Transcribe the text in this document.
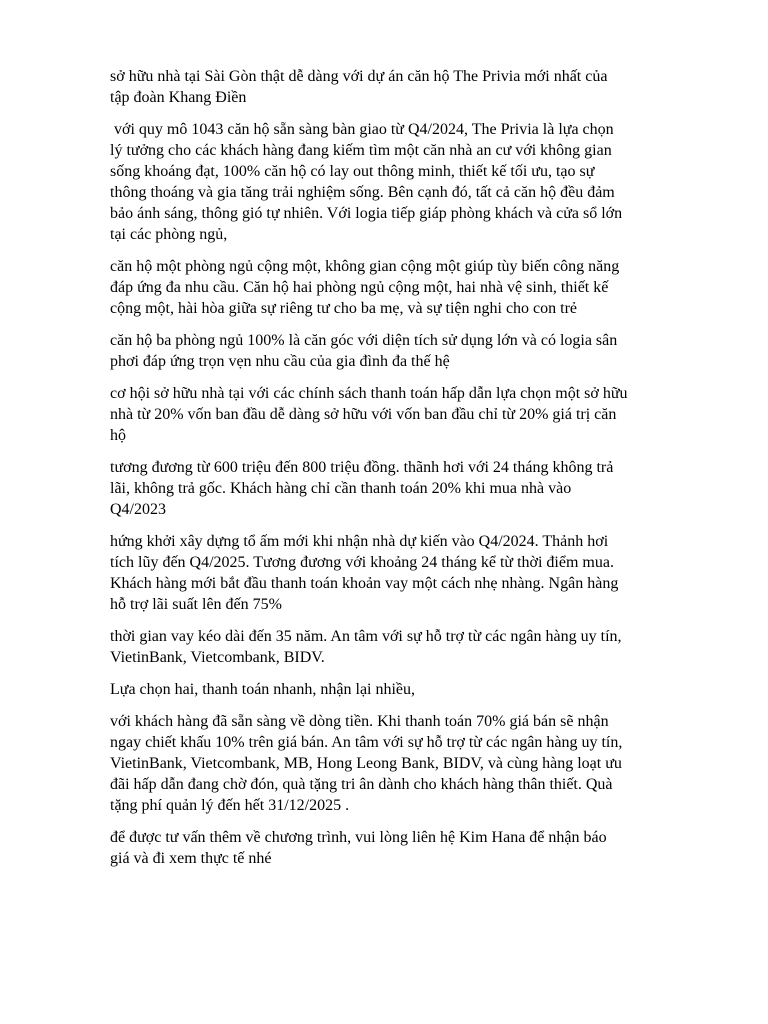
sở hữu nhà tại Sài Gòn thật dễ dàng với dự án căn hộ The Privia mới nhất của
tập đoàn Khang Điền

với quy mô 1043 căn hộ sẵn sàng bàn giao từ Q4/2024, The Privia là lựa chọn
lý tưởng cho các khách hàng đang kiếm tìm một căn nhà an cư với không gian
sống khoáng đạt, 100% căn hộ có lay out thông minh, thiết kế tối ưu, tạo sự
thông thoáng và gia tăng trải nghiệm sống. Bên cạnh đó, tất cả căn hộ đều đảm
bảo ánh sáng, thông gió tự nhiên. Với logia tiếp giáp phòng khách và cửa sổ lớn
tại các phòng ngủ,

căn hộ một phòng ngủ cộng một, không gian cộng một giúp tùy biến công năng
đáp ứng đa nhu cầu. Căn hộ hai phòng ngủ cộng một, hai nhà vệ sinh, thiết kế
cộng một, hài hòa giữa sự riêng tư cho ba mẹ, và sự tiện nghi cho con trẻ

căn hộ ba phòng ngủ 100% là căn góc với diện tích sử dụng lớn và có logia sân
phơi đáp ứng trọn vẹn nhu cầu của gia đình đa thế hệ

cơ hội sở hữu nhà tại với các chính sách thanh toán hấp dẫn lựa chọn một sở hữu
nhà từ 20% vốn ban đầu dễ dàng sở hữu với vốn ban đầu chỉ từ 20% giá trị căn
hộ

tương đương từ 600 triệu đến 800 triệu đồng. thãnh hơi với 24 tháng không trả
lãi, không trả gốc. Khách hàng chỉ cần thanh toán 20% khi mua nhà vào
Q4/2023

hứng khởi xây dựng tổ ấm mới khi nhận nhà dự kiến vào Q4/2024. Thảnh hơi
tích lũy đến Q4/2025. Tương đương với khoảng 24 tháng kể từ thời điểm mua.
Khách hàng mới bắt đầu thanh toán khoản vay một cách nhẹ nhàng. Ngân hàng
hỗ trợ lãi suất lên đến 75%

thời gian vay kéo dài đến 35 năm. An tâm với sự hỗ trợ từ các ngân hàng uy tín,
VietinBank, Vietcombank, BIDV.

Lựa chọn hai, thanh toán nhanh, nhận lại nhiều,

với khách hàng đã sẵn sàng về dòng tiền. Khi thanh toán 70% giá bán sẽ nhận
ngay chiết khấu 10% trên giá bán. An tâm với sự hỗ trợ từ các ngân hàng uy tín,
VietinBank, Vietcombank, MB, Hong Leong Bank, BIDV, và cùng hàng loạt ưu
đãi hấp dẫn đang chờ đón, quà tặng tri ân dành cho khách hàng thân thiết. Quà
tặng phí quản lý đến hết 31/12/2025 .

để được tư vấn thêm về chương trình, vui lòng liên hệ Kim Hana để nhận báo
giá và đi xem thực tế nhé
